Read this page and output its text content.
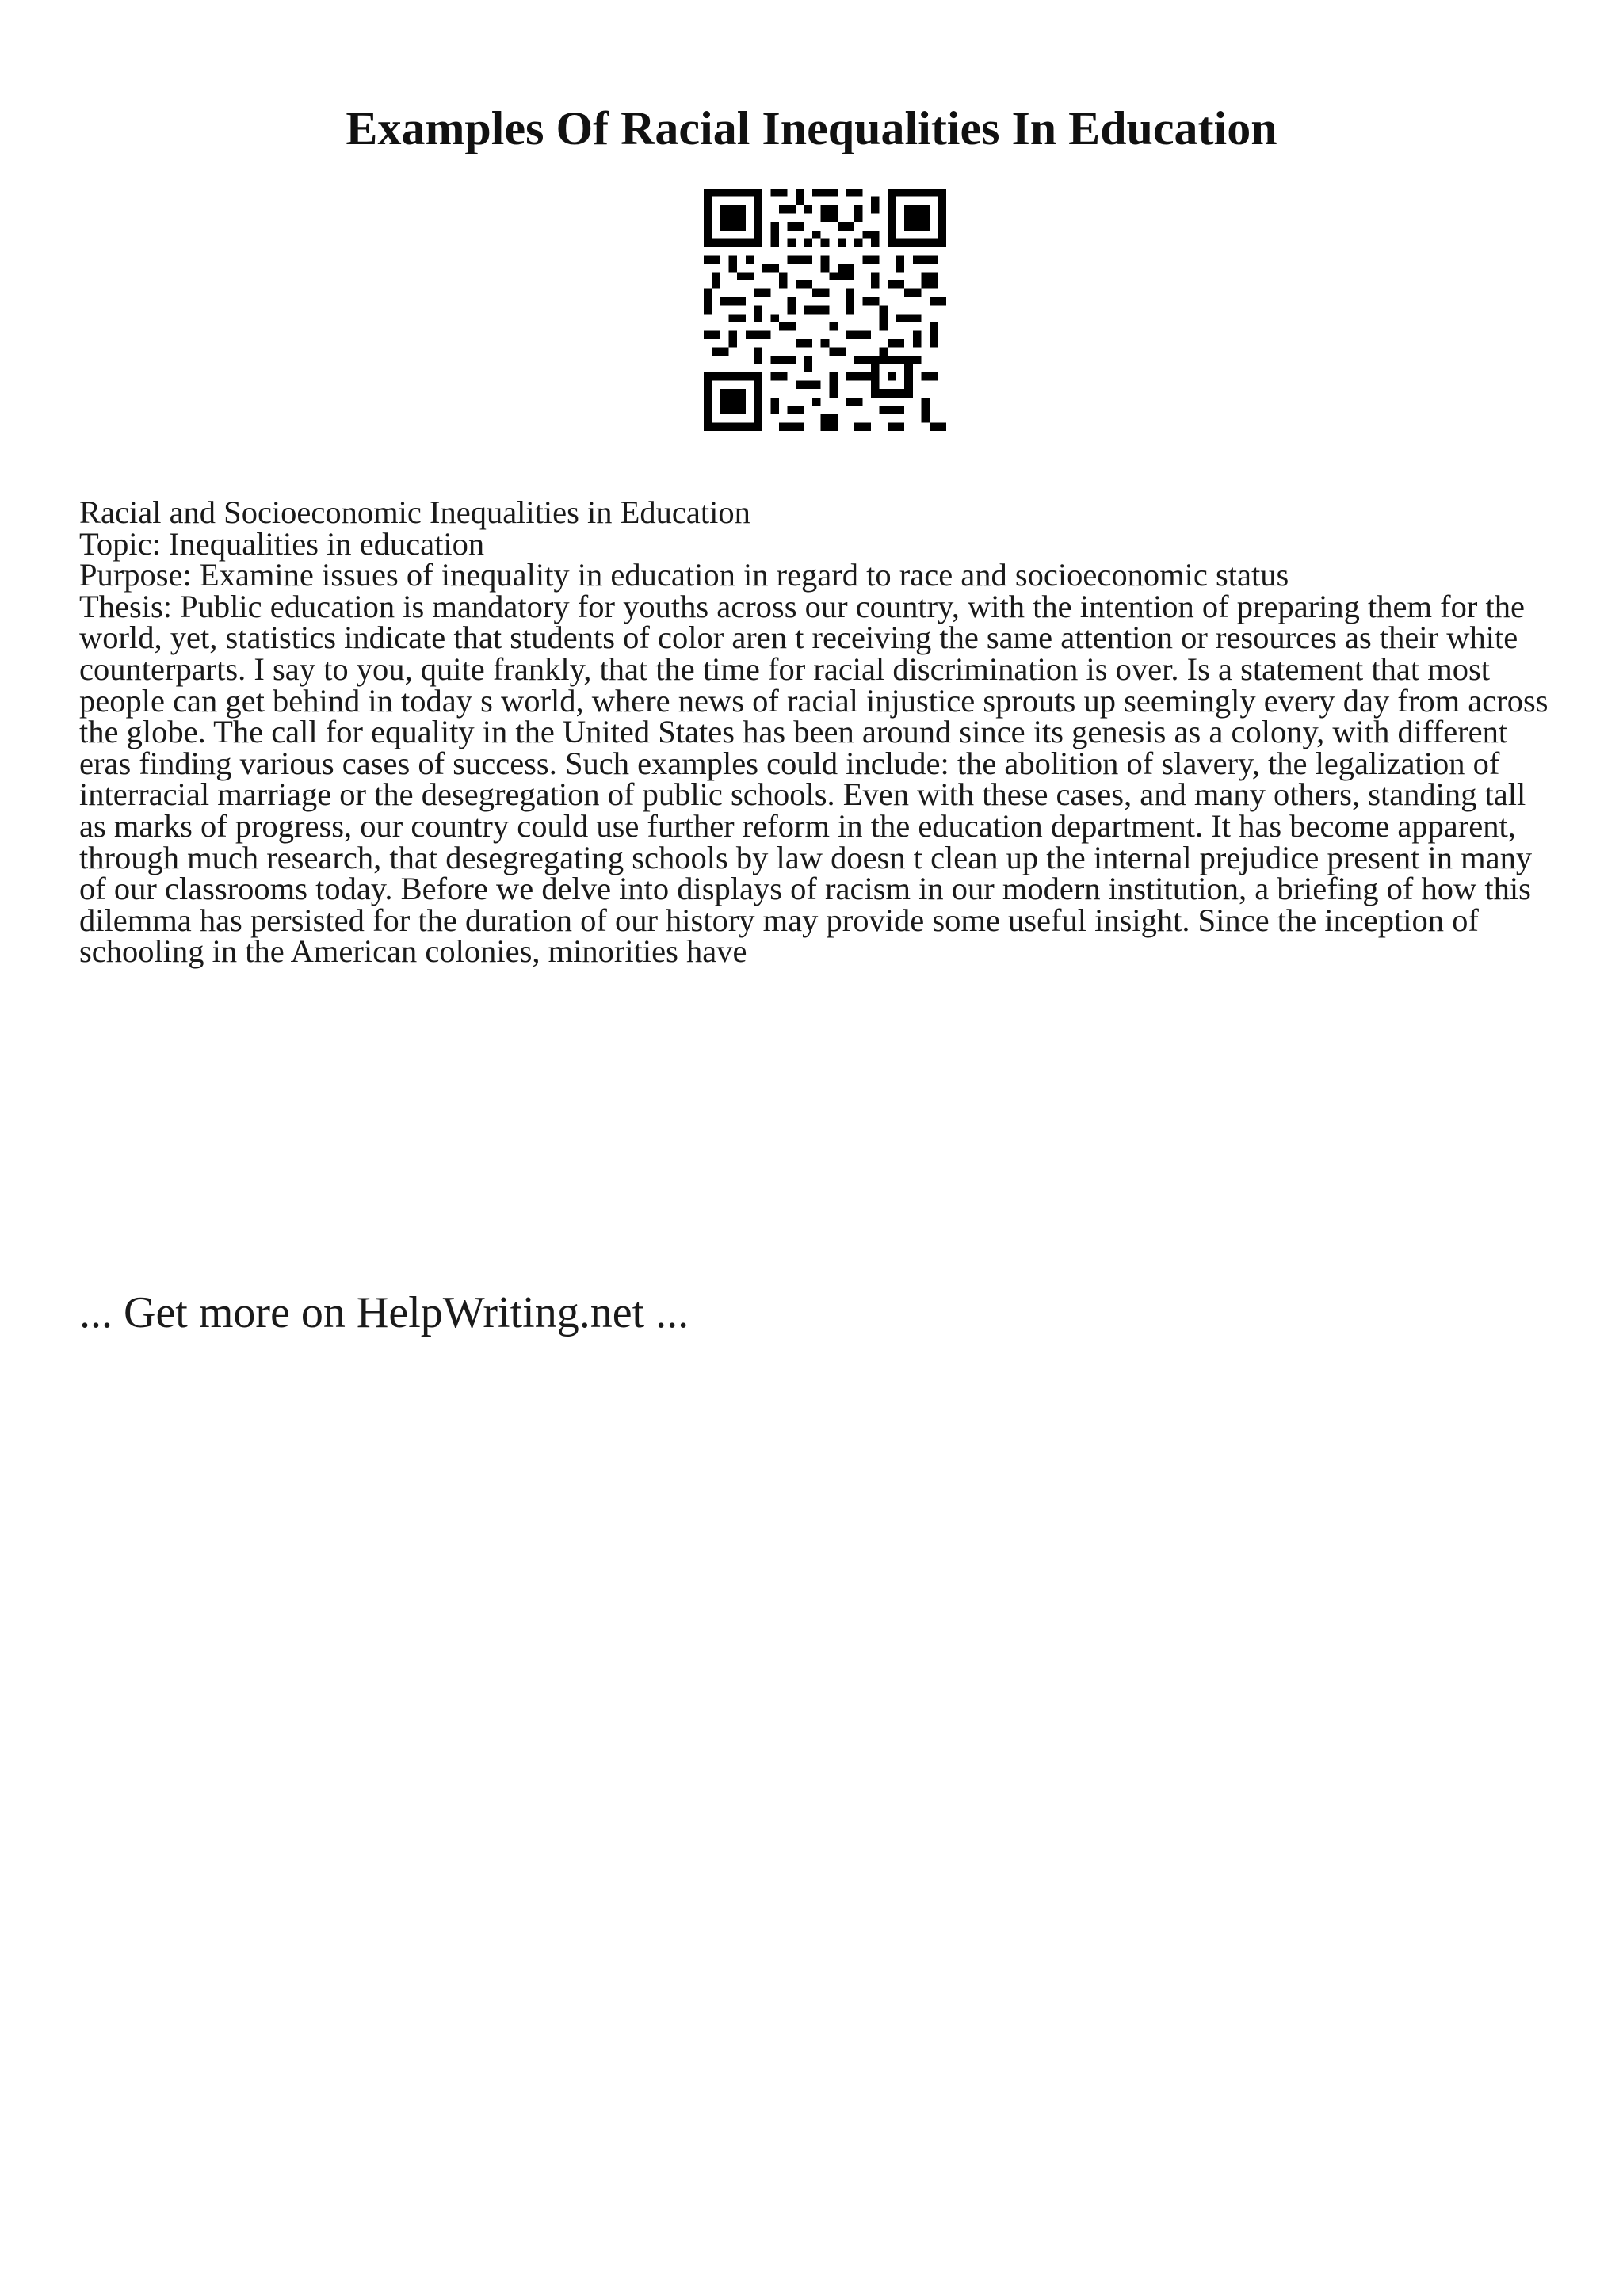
Examples Of Racial Inequalities In Education
Racial and Socioeconomic Inequalities in Education
Topic: Inequalities in education
Purpose: Examine issues of inequality in education in regard to race and socioeconomic status
Thesis: Public education is mandatory for youths across our country, with the intention of preparing them for the world, yet, statistics indicate that students of color aren t receiving the same attention or resources as their white counterparts. I say to you, quite frankly, that the time for racial discrimination is over. Is a statement that most people can get behind in today s world, where news of racial injustice sprouts up seemingly every day from across the globe. The call for equality in the United States has been around since its genesis as a colony, with different eras finding various cases of success. Such examples could include: the abolition of slavery, the legalization of interracial marriage or the desegregation of public schools. Even with these cases, and many others, standing tall as marks of progress, our country could use further reform in the education department. It has become apparent, through much research, that desegregating schools by law doesn t clean up the internal prejudice present in many of our classrooms today. Before we delve into displays of racism in our modern institution, a briefing of how this dilemma has persisted for the duration of our history may provide some useful insight. Since the inception of schooling in the American colonies, minorities have
... Get more on HelpWriting.net ...
